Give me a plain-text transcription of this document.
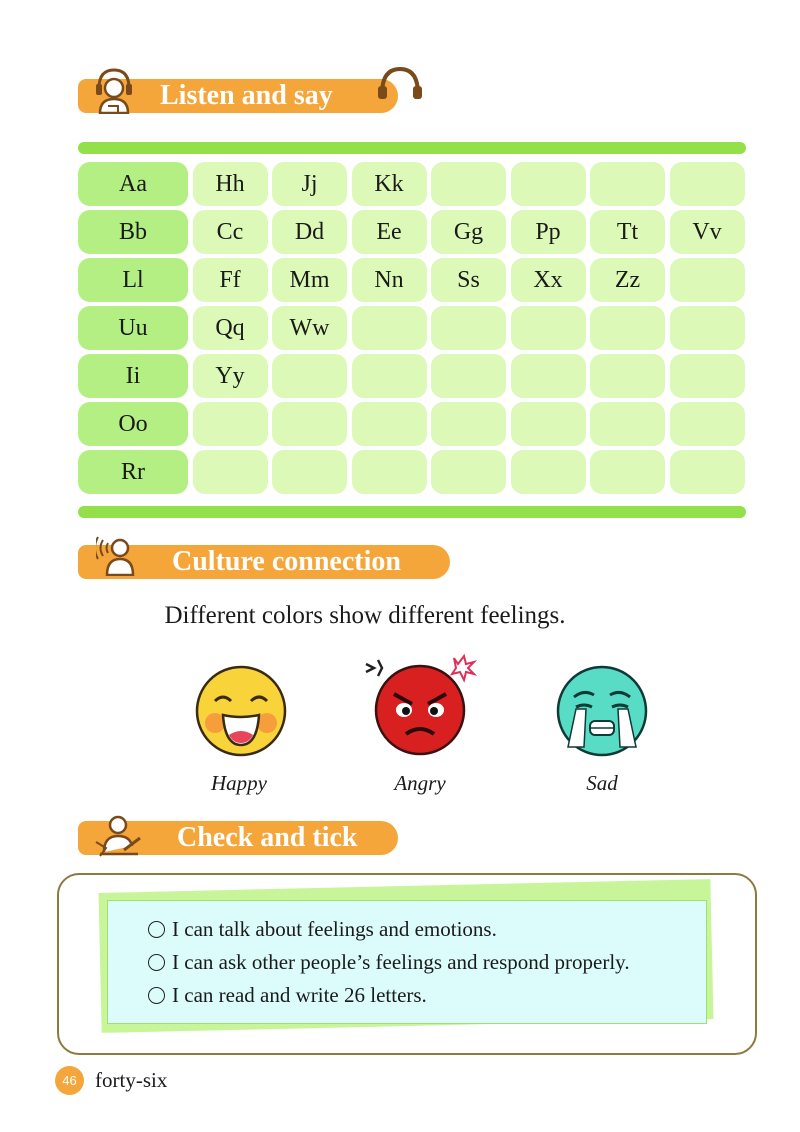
Listen and say
Aa	Hh	Jj	Kk
Bb	Cc	Dd	Ee	Gg	Pp	Tt	Vv
Ll	Ff	Mm	Nn	Ss	Xx	Zz
Uu	Qq	Ww
Ii	Yy
Oo
Rr
Culture connection
Different colors show different feelings.
Happy	Angry	Sad
Check and tick
I can talk about feelings and emotions.
I can ask other people’s feelings and respond properly.
I can read and write 26 letters.
46 forty-six
